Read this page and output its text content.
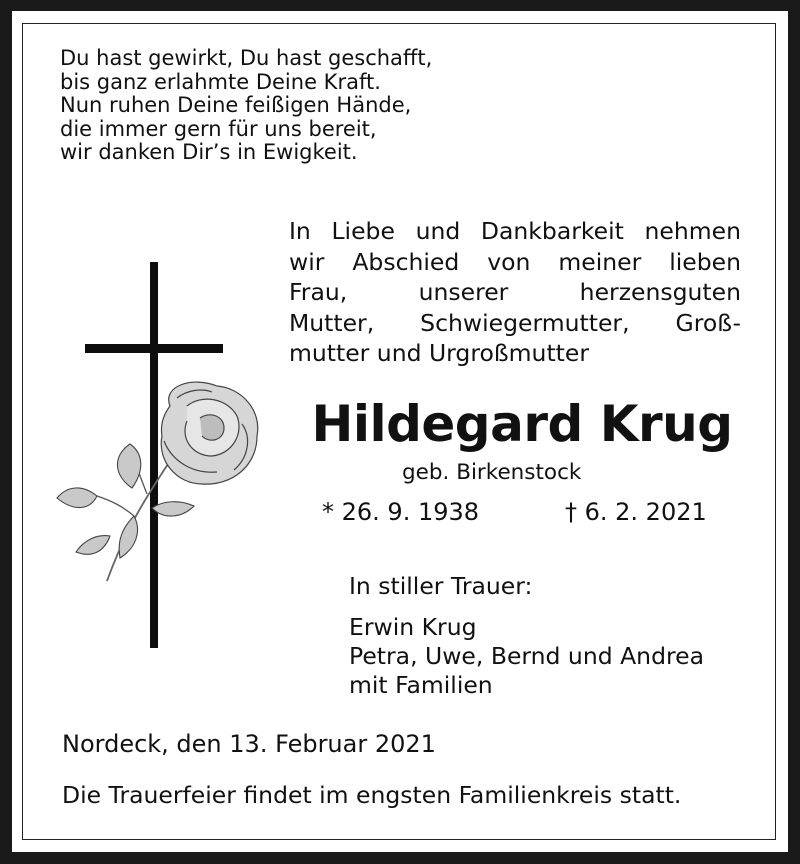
Du hast gewirkt, Du hast geschafft,
bis ganz erlahmte Deine Kraft.
Nun ruhen Deine feißigen Hände,
die immer gern für uns bereit,
wir danken Dir’s in Ewigkeit.
In Liebe und Dankbarkeit nehmen
wir Abschied von meiner lieben
Frau, unserer herzensguten
Mutter, Schwiegermutter, Groß-
mutter und Urgroßmutter
Hildegard Krug
geb. Birkenstock
* 26. 9. 1938	† 6. 2. 2021
In stiller Trauer:
Erwin Krug
Petra, Uwe, Bernd und Andrea
mit Familien
Nordeck, den 13. Februar 2021
Die Trauerfeier findet im engsten Familienkreis statt.
